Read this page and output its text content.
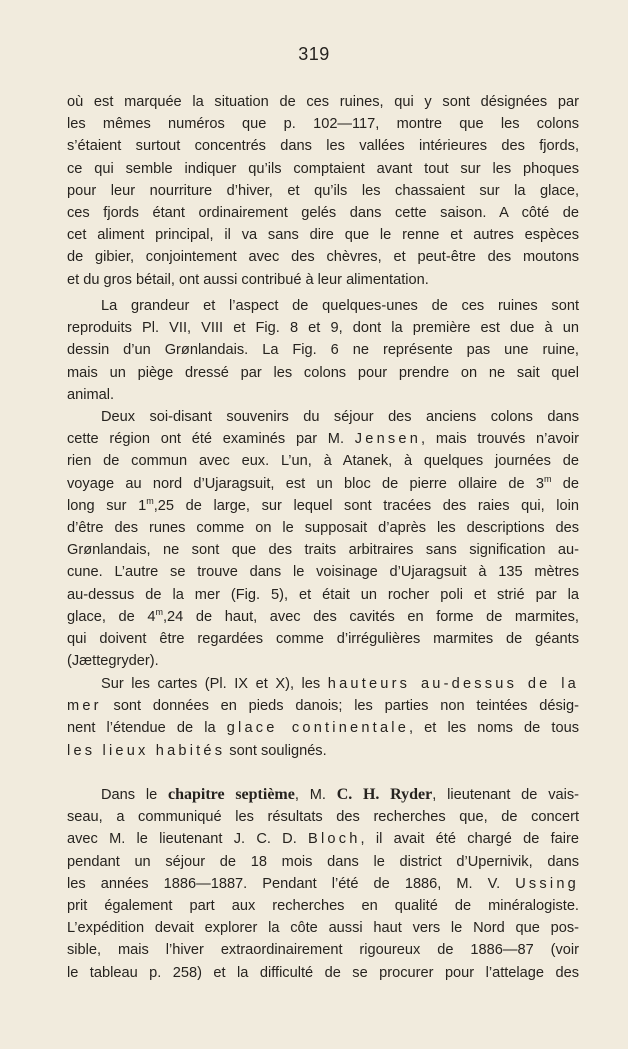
319
où est marquée la situation de ces ruines, qui y sont désignées par
les mêmes numéros que p. 102—117, montre que les colons
s’étaient surtout concentrés dans les vallées intérieures des fjords,
ce qui semble indiquer qu’ils comptaient avant tout sur les phoques
pour leur nourriture d’hiver, et qu’ils les chassaient sur la glace,
ces fjords étant ordinairement gelés dans cette saison. A côté de
cet aliment principal, il va sans dire que le renne et autres espèces
de gibier, conjointement avec des chèvres, et peut-être des moutons
et du gros bétail, ont aussi contribué à leur alimentation.
La grandeur et l’aspect de quelques-unes de ces ruines sont
reproduits Pl. VII, VIII et Fig. 8 et 9, dont la première est due à un
dessin d’un Grønlandais. La Fig. 6 ne représente pas une ruine,
mais un piège dressé par les colons pour prendre on ne sait quel
animal.
Deux soi-disant souvenirs du séjour des anciens colons dans
cette région ont été examinés par M. Jensen, mais trouvés n’avoir
rien de commun avec eux. L’un, à Atanek, à quelques journées de
voyage au nord d’Ujaragsuit, est un bloc de pierre ollaire de 3$^m$ de
long sur 1$^m$,25 de large, sur lequel sont tracées des raies qui, loin
d’être des runes comme on le supposait d’après les descriptions des
Grønlandais, ne sont que des traits arbitraires sans signification au-
cune. L’autre se trouve dans le voisinage d’Ujaragsuit à 135 mètres
au-dessus de la mer (Fig. 5), et était un rocher poli et strié par la
glace, de 4$^m$,24 de haut, avec des cavités en forme de marmites,
qui doivent être regardées comme d’irrégulières marmites de géants
(Jættegryder).
Sur les cartes (Pl. IX et X), les hauteurs au-dessus de la
mer sont données en pieds danois; les parties non teintées désig-
nent l’étendue de la glace continentale, et les noms de tous
les lieux habités sont soulignés.
Dans le chapitre septième, M. C. H. Ryder, lieutenant de vais-
seau, a communiqué les résultats des recherches que, de concert
avec M. le lieutenant J. C. D. Bloch, il avait été chargé de faire
pendant un séjour de 18 mois dans le district d’Upernivik, dans
les années 1886—1887. Pendant l’été de 1886, M. V. Ussing
prit également part aux recherches en qualité de minéralogiste.
L’expédition devait explorer la côte aussi haut vers le Nord que pos-
sible, mais l’hiver extraordinairement rigoureux de 1886—87 (voir
le tableau p. 258) et la difficulté de se procurer pour l’attelage des
